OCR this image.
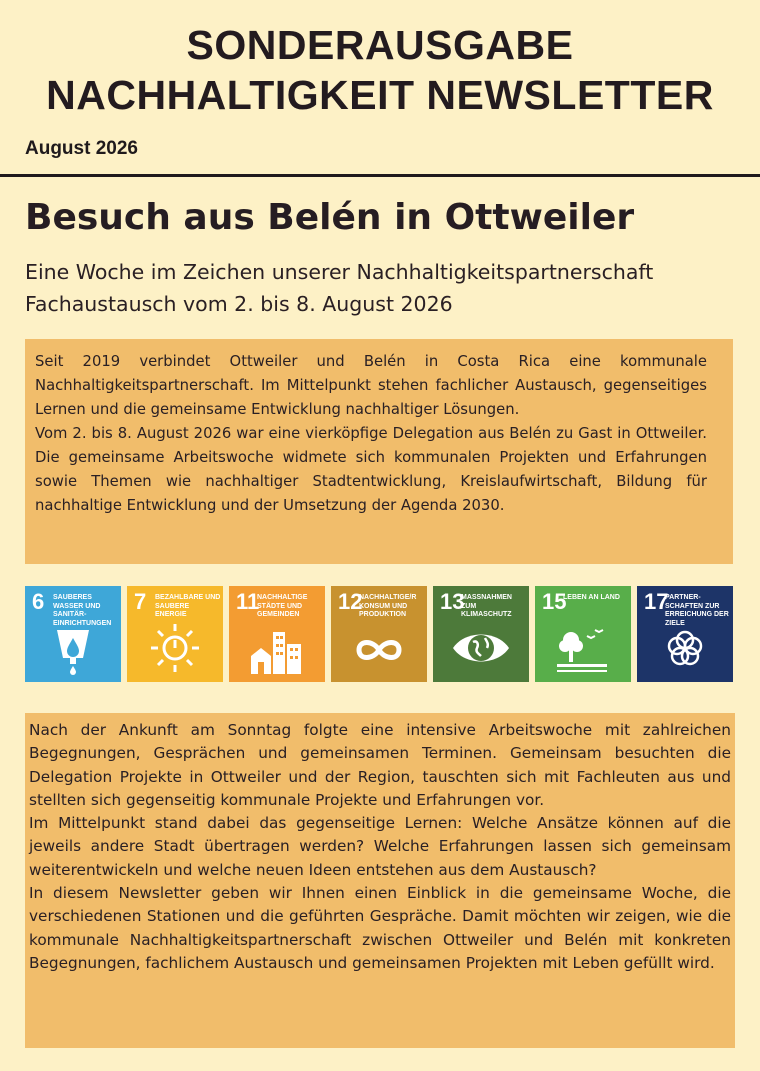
SONDERAUSGABE
NACHHALTIGKEIT NEWSLETTER
August 2026
Besuch aus Belén in Ottweiler

Eine Woche im Zeichen unserer Nachhaltigkeitspartnerschaft

Fachaustausch vom 2. bis 8. August 2026

Seit 2019 verbindet Ottweiler und Belén in Costa Rica eine kommunale Nachhaltigkeitspartnerschaft. Im Mittelpunkt stehen fachlicher Austausch, gegenseitiges Lernen und die gemeinsame Entwicklung nachhaltiger Lösungen.

Vom 2. bis 8. August 2026 war eine vierköpfige Delegation aus Belén zu Gast in Ottweiler. Die gemeinsame Arbeitswoche widmete sich kommunalen Projekten und Erfahrungen sowie Themen wie nachhaltiger Stadtentwicklung, Kreislaufwirtschaft, Bildung für nachhaltige Entwicklung und der Umsetzung der Agenda 2030.

6 SAUBERES WASSER UND SANITÄR-EINRICHTUNGEN
7 BEZAHLBARE UND SAUBERE ENERGIE
11
NACHHALTIGE STÄDTE UND GEMEINDEN
12
NACHHALTIGE/R KONSUM UND PRODUKTION
13
MASSNAHMEN ZUM KLIMASCHUTZ
15
LEBEN AN LAND	17
PARTNER-SCHAFTEN ZUR ERREICHUNG DER ZIELE

Nach der Ankunft am Sonntag folgte eine intensive Arbeitswoche mit zahlreichen Begegnungen, Gesprächen und gemeinsamen Terminen. Gemeinsam besuchten die Delegation Projekte in Ottweiler und der Region, tauschten sich mit Fachleuten aus und stellten sich gegenseitig kommunale Projekte und Erfahrungen vor.

Im Mittelpunkt stand dabei das gegenseitige Lernen: Welche Ansätze können auf die jeweils andere Stadt übertragen werden? Welche Erfahrungen lassen sich gemeinsam weiterentwickeln und welche neuen Ideen entstehen aus dem Austausch?

In diesem Newsletter geben wir Ihnen einen Einblick in die gemeinsame Woche, die verschiedenen Stationen und die geführten Gespräche. Damit möchten wir zeigen, wie die kommunale Nachhaltigkeitspartnerschaft zwischen Ottweiler und Belén mit konkreten Begegnungen, fachlichem Austausch und gemeinsamen Projekten mit Leben gefüllt wird.
